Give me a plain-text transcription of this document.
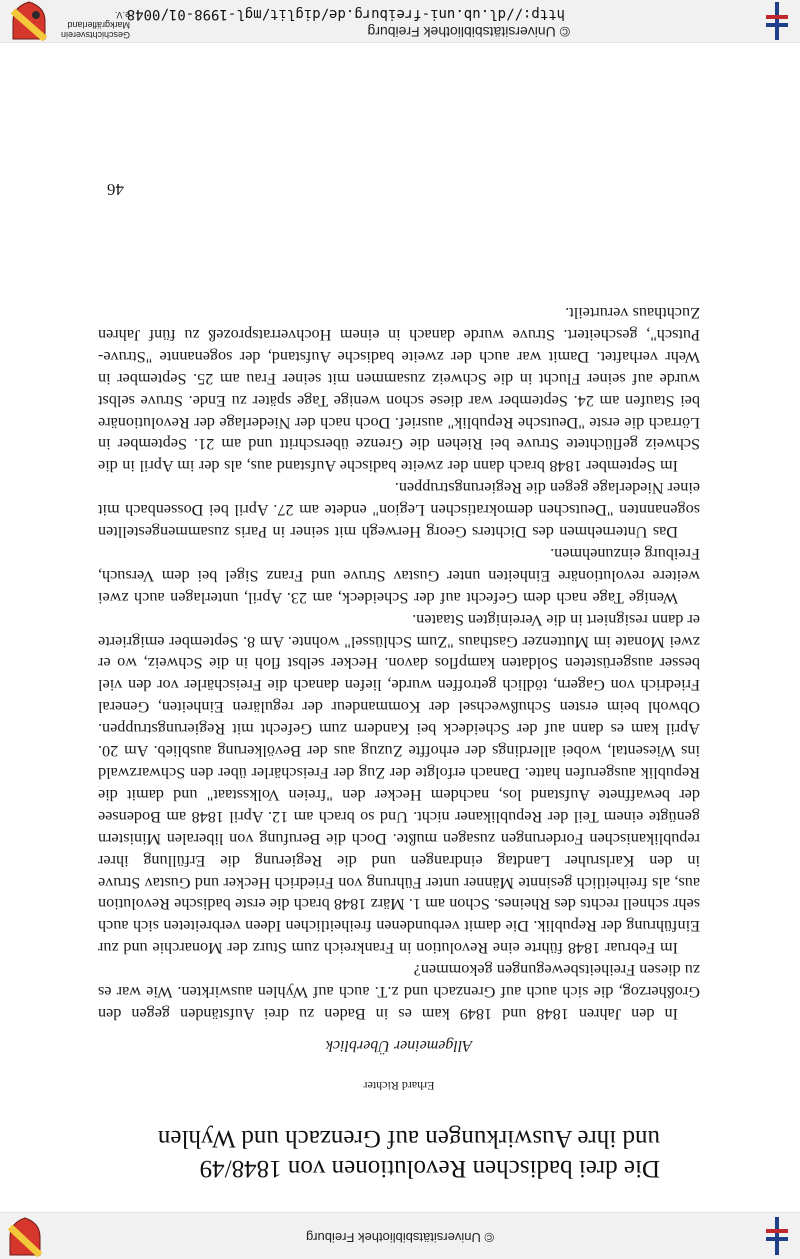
© Universitätsbibliothek Freiburg
Die drei badischen Revolutionen von 1848/49
und ihre Auswirkungen auf Grenzach und Wyhlen
Erhard Richter
Allgemeiner Überblick

In den Jahren 1848 und 1849 kam es in Baden zu drei Aufständen gegen den Großherzog, die sich auch auf Grenzach und z.T. auch auf Wyhlen auswirkten. Wie war es zu diesen Freiheitsbewegungen gekommen?

Im Februar 1848 führte eine Revolution in Frankreich zum Sturz der Monarchie und zur Einführung der Republik. Die damit verbundenen freiheitlichen Ideen verbreiteten sich auch sehr schnell rechts des Rheines. Schon am 1. März 1848 brach die erste badische Revolution aus, als freiheitlich gesinnte Männer unter Führung von Friedrich Hecker und Gustav Struve in den Karlsruher Landtag eindrangen und die Regierung die Erfüllung ihrer republikanischen Forderungen zusagen mußte. Doch die Berufung von liberalen Ministern genügte einem Teil der Republikaner nicht. Und so brach am 12. April 1848 am Bodensee der bewaffnete Aufstand los, nachdem Hecker den "freien Volksstaat" und damit die Republik ausgerufen hatte. Danach erfolgte der Zug der Freischärler über den Schwarzwald ins Wiesental, wobei allerdings der erhoffte Zuzug aus der Bevölkerung ausblieb. Am 20. April kam es dann auf der Scheideck bei Kandern zum Gefecht mit Regierungstruppen. Obwohl beim ersten Schußwechsel der Kommandeur der regulären Einheiten, General Friedrich von Gagern, tödlich getroffen wurde, liefen danach die Freischärler vor den viel besser ausgerüsteten Soldaten kampflos davon. Hecker selbst floh in die Schweiz, wo er zwei Monate im Muttenzer Gasthaus "Zum Schlüssel" wohnte. Am 8. September emigrierte er dann resigniert in die Vereinigten Staaten.

Wenige Tage nach dem Gefecht auf der Scheideck, am 23. April, unterlagen auch zwei weitere revolutionäre Einheiten unter Gustav Struve und Franz Sigel bei dem Versuch, Freiburg einzunehmen.

Das Unternehmen des Dichters Georg Herwegh mit seiner in Paris zusammengestellten sogenannten "Deutschen demokratischen Legion" endete am 27. April bei Dossenbach mit einer Niederlage gegen die Regierungstruppen.

Im September 1848 brach dann der zweite badische Aufstand aus, als der im April in die Schweiz geflüchtete Struve bei Riehen die Grenze überschritt und am 21. September in Lörrach die erste "Deutsche Republik" ausrief. Doch nach der Niederlage der Revolutionäre bei Staufen am 24. September war diese schon wenige Tage später zu Ende. Struve selbst wurde auf seiner Flucht in die Schweiz zusammen mit seiner Frau am 25. September in Wehr verhaftet. Damit war auch der zweite badische Aufstand, der sogenannte "Struve-Putsch", gescheitert. Struve wurde danach in einem Hochverratsprozeß zu fünf Jahren Zuchthaus verurteilt.

46
© Universitätsbibliothek Freiburg
http://dl.ub.uni-freiburg.de/diglit/mgl-1998-01/0048
Geschichtsverein
Markgräflerland e.V.
